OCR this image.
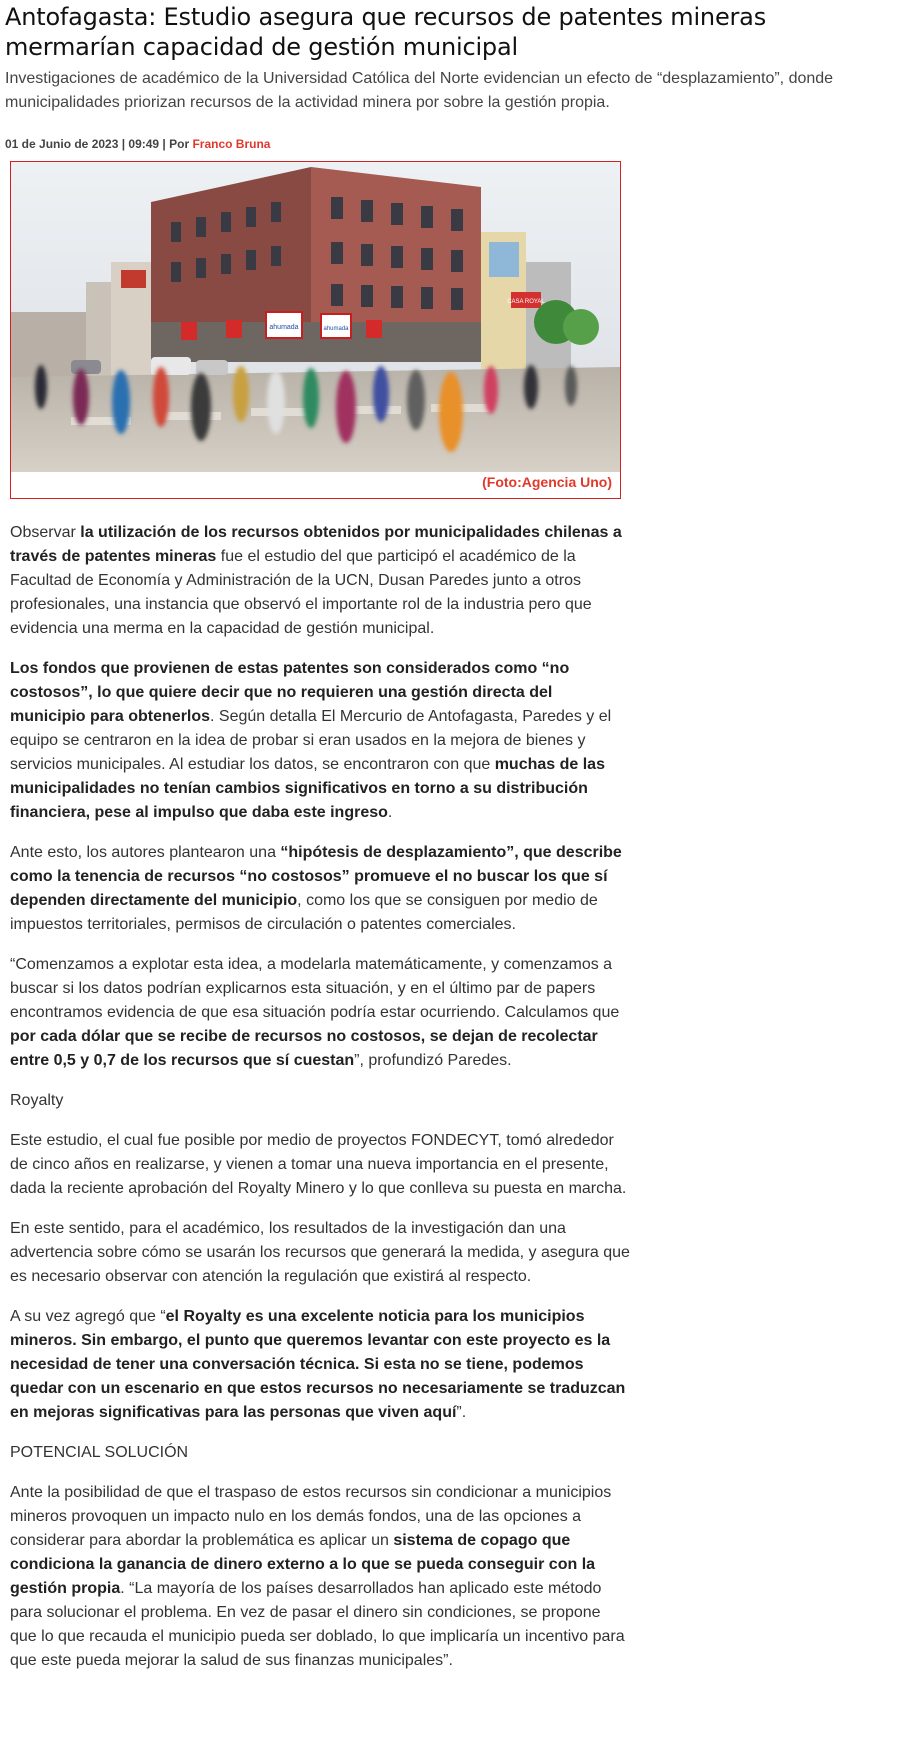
Antofagasta: Estudio asegura que recursos de patentes mineras mermarían capacidad de gestión municipal
Investigaciones de académico de la Universidad Católica del Norte evidencian un efecto de “desplazamiento”, donde municipalidades priorizan recursos de la actividad minera por sobre la gestión propia.
01 de Junio de 2023 | 09:49 | Por Franco Bruna
ahumada	ahumada
CASA ROYAL
(Foto:Agencia Uno)

Observar la utilización de los recursos obtenidos por municipalidades chilenas a través de patentes mineras fue el estudio del que participó el académico de la Facultad de Economía y Administración de la UCN, Dusan Paredes junto a otros profesionales, una instancia que observó el importante rol de la industria pero que evidencia una merma en la capacidad de gestión municipal.

Los fondos que provienen de estas patentes son considerados como “no costosos”, lo que quiere decir que no requieren una gestión directa del municipio para obtenerlos. Según detalla El Mercurio de Antofagasta, Paredes y el equipo se centraron en la idea de probar si eran usados en la mejora de bienes y servicios municipales. Al estudiar los datos, se encontraron con que muchas de las municipalidades no tenían cambios significativos en torno a su distribución financiera, pese al impulso que daba este ingreso.

Ante esto, los autores plantearon una “hipótesis de desplazamiento”, que describe como la tenencia de recursos “no costosos” promueve el no buscar los que sí dependen directamente del municipio, como los que se consiguen por medio de impuestos territoriales, permisos de circulación o patentes comerciales.

“Comenzamos a explotar esta idea, a modelarla matemáticamente, y comenzamos a buscar si los datos podrían explicarnos esta situación, y en el último par de papers encontramos evidencia de que esa situación podría estar ocurriendo. Calculamos que por cada dólar que se recibe de recursos no costosos, se dejan de recolectar entre 0,5 y 0,7 de los recursos que sí cuestan”, profundizó Paredes.

Royalty

Este estudio, el cual fue posible por medio de proyectos FONDECYT, tomó alrededor de cinco años en realizarse, y vienen a tomar una nueva importancia en el presente, dada la reciente aprobación del Royalty Minero y lo que conlleva su puesta en marcha.

En este sentido, para el académico, los resultados de la investigación dan una advertencia sobre cómo se usarán los recursos que generará la medida, y asegura que es necesario observar con atención la regulación que existirá al respecto.

A su vez agregó que “el Royalty es una excelente noticia para los municipios mineros. Sin embargo, el punto que queremos levantar con este proyecto es la necesidad de tener una conversación técnica. Si esta no se tiene, podemos quedar con un escenario en que estos recursos no necesariamente se traduzcan en mejoras significativas para las personas que viven aquí”.

POTENCIAL SOLUCIÓN

Ante la posibilidad de que el traspaso de estos recursos sin condicionar a municipios mineros provoquen un impacto nulo en los demás fondos, una de las opciones a considerar para abordar la problemática es aplicar un sistema de copago que condiciona la ganancia de dinero externo a lo que se pueda conseguir con la gestión propia. “La mayoría de los países desarrollados han aplicado este método para solucionar el problema. En vez de pasar el dinero sin condiciones, se propone que lo que recauda el municipio pueda ser doblado, lo que implicaría un incentivo para que este pueda mejorar la salud de sus finanzas municipales”.
